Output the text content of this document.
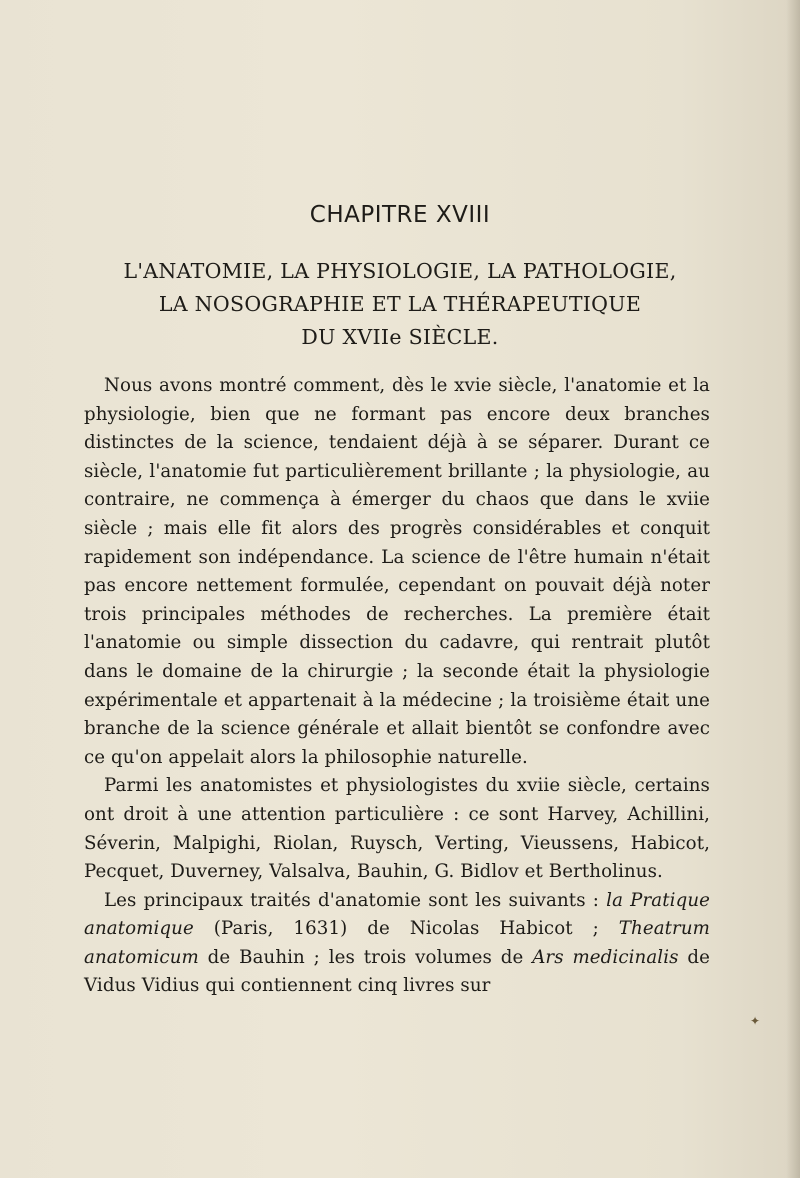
CHAPITRE XVIII
L'ANATOMIE, LA PHYSIOLOGIE, LA PATHOLOGIE,
LA NOSOGRAPHIE ET LA THÉRAPEUTIQUE
DU XVIIe SIÈCLE.

Nous avons montré comment, dès le xvie siècle, l'anatomie et la physiologie, bien que ne formant pas encore deux branches distinctes de la science, tendaient déjà à se séparer. Durant ce siècle, l'anatomie fut particulièrement brillante ; la physiologie, au contraire, ne commença à émerger du chaos que dans le xviie siècle ; mais elle fit alors des progrès considérables et conquit rapidement son indépendance. La science de l'être humain n'était pas encore nettement formulée, cependant on pouvait déjà noter trois principales méthodes de recherches. La première était l'anatomie ou simple dissection du cadavre, qui rentrait plutôt dans le domaine de la chirurgie ; la seconde était la physiologie expérimentale et appartenait à la médecine ; la troisième était une branche de la science générale et allait bientôt se confondre avec ce qu'on appelait alors la philosophie naturelle.

Parmi les anatomistes et physiologistes du xviie siècle, certains ont droit à une attention particulière : ce sont Harvey, Achillini, Séverin, Malpighi, Riolan, Ruysch, Verting, Vieussens, Habicot, Pecquet, Duverney, Valsalva, Bauhin, G. Bidlov et Bertholinus.

Les principaux traités d'anatomie sont les suivants : la Pratique anatomique (Paris, 1631) de Nicolas Habicot ; Theatrum anatomicum de Bauhin ; les trois volumes de Ars medicinalis de Vidus Vidius qui contiennent cinq livres sur

✦
